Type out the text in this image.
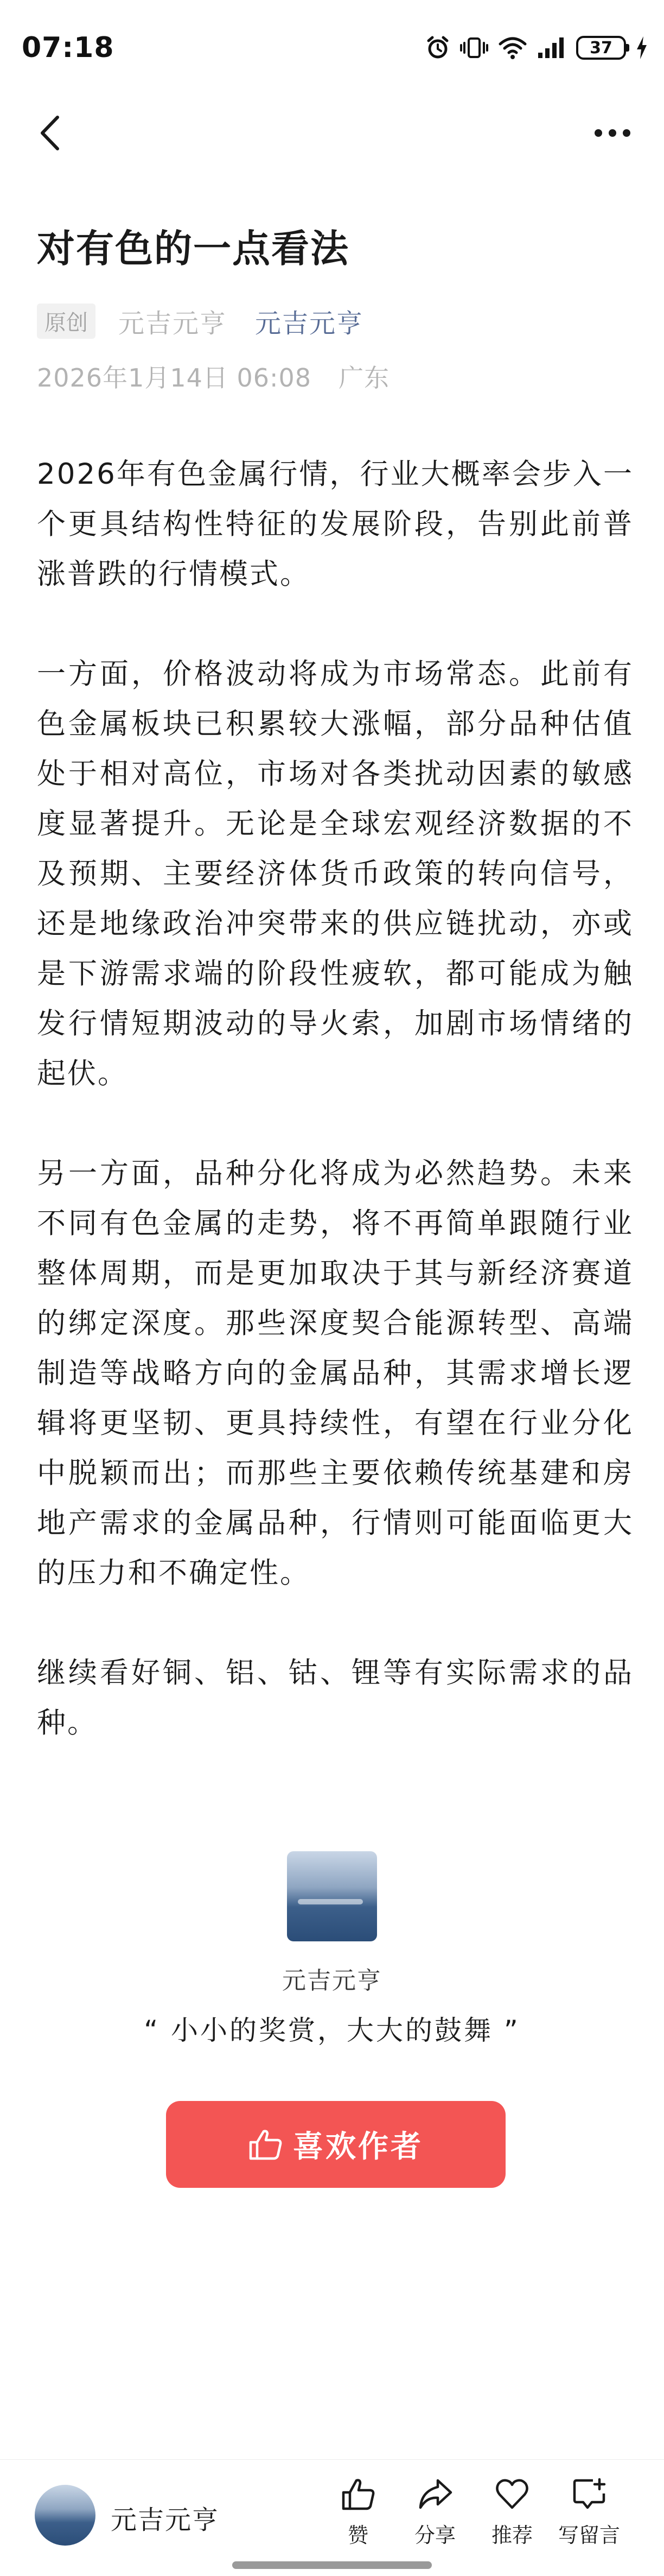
07:18	37
对有色的一点看法
原创 元吉元亨 元吉元亨
2026年1月14日 06:08 广东

2026年有色金属行情，行业大概率会步入一个更具结构性特征的发展阶段，告别此前普涨普跌的行情模式。

一方面，价格波动将成为市场常态。此前有色金属板块已积累较大涨幅，部分品种估值处于相对高位，市场对各类扰动因素的敏感度显著提升。无论是全球宏观经济数据的不及预期、主要经济体货币政策的转向信号，还是地缘政治冲突带来的供应链扰动，亦或是下游需求端的阶段性疲软，都可能成为触发行情短期波动的导火索，加剧市场情绪的起伏。

另一方面，品种分化将成为必然趋势。未来不同有色金属的走势，将不再简单跟随行业整体周期，而是更加取决于其与新经济赛道的绑定深度。那些深度契合能源转型、高端制造等战略方向的金属品种，其需求增长逻辑将更坚韧、更具持续性，有望在行业分化中脱颖而出；而那些主要依赖传统基建和房地产需求的金属品种，行情则可能面临更大的压力和不确定性。

继续看好铜、铝、钴、锂等有实际需求的品种。

元吉元亨
“ 小小的奖赏，大大的鼓舞 ”
喜欢作者
元吉元亨	赞	分享	推荐	写留言
